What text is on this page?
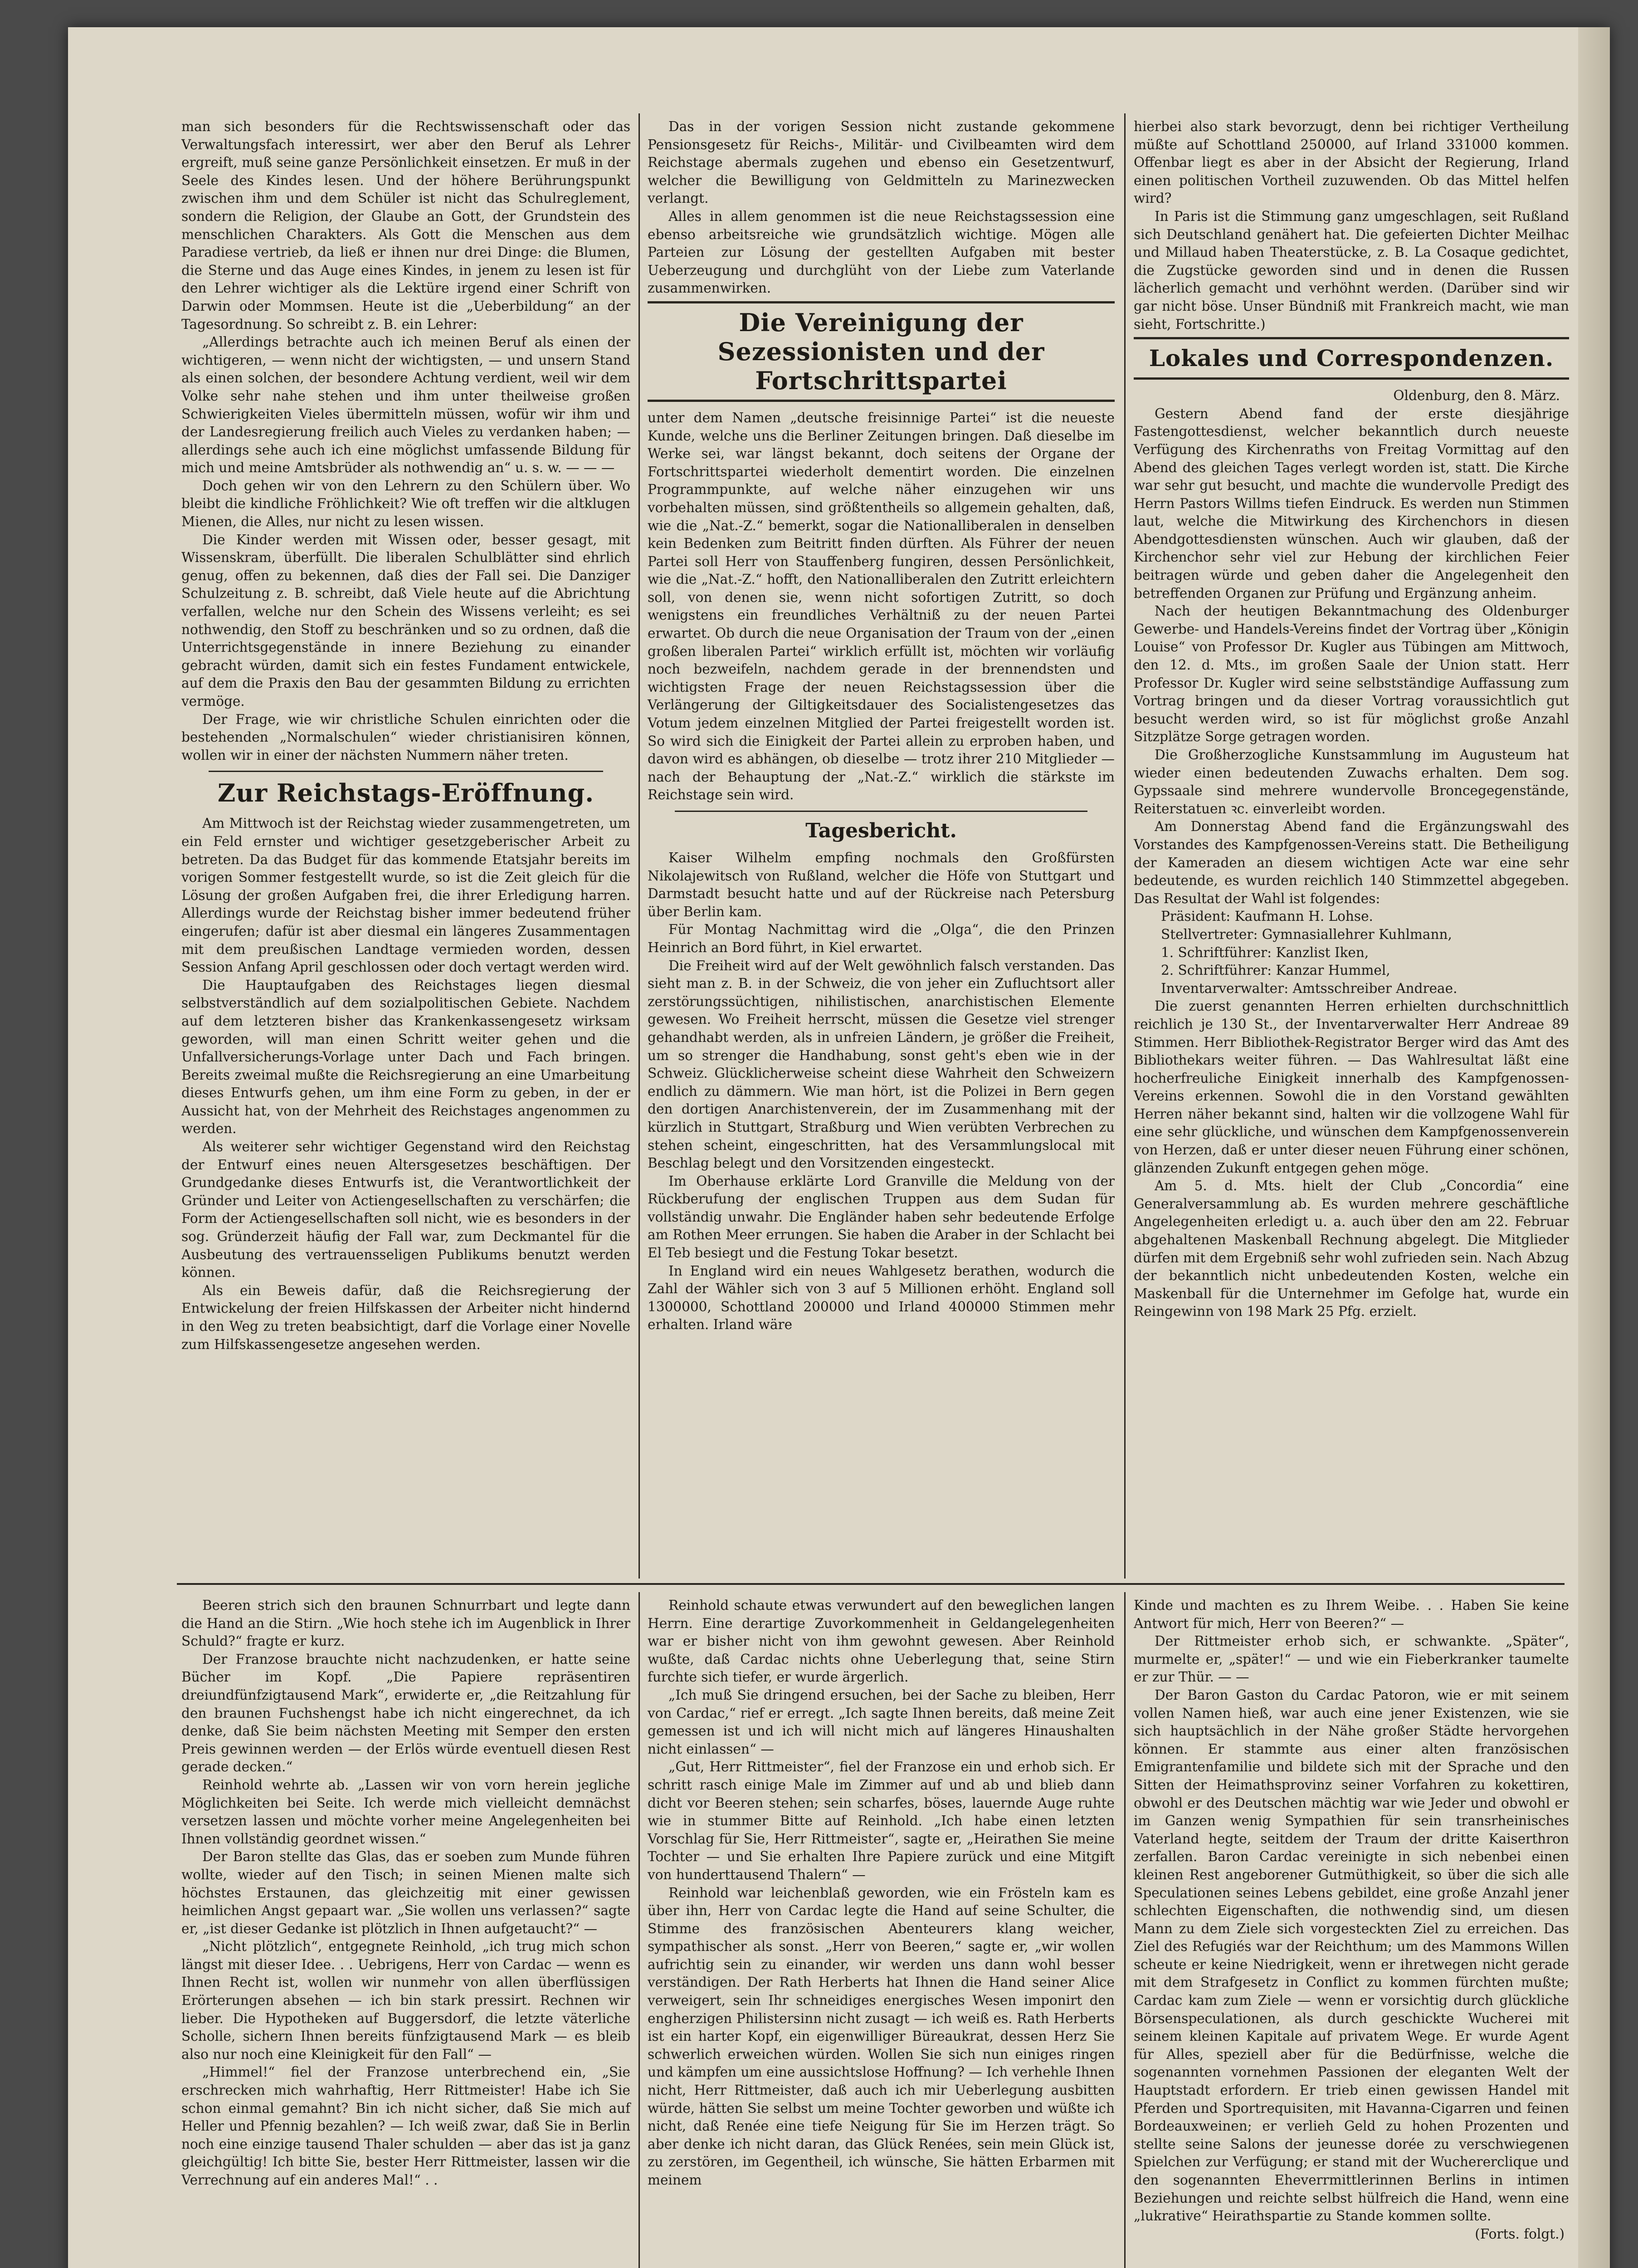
man sich besonders für die Rechtswissenschaft oder das Verwaltungsfach interessirt, wer aber den Beruf als Lehrer ergreift, muß seine ganze Persönlichkeit einsetzen. Er muß in der Seele des Kindes lesen. Und der höhere Berührungspunkt zwischen ihm und dem Schüler ist nicht das Schulreglement, sondern die Religion, der Glaube an Gott, der Grundstein des menschlichen Charakters. Als Gott die Menschen aus dem Paradiese vertrieb, da ließ er ihnen nur drei Dinge: die Blumen, die Sterne und das Auge eines Kindes, in jenem zu lesen ist für den Lehrer wichtiger als die Lektüre irgend einer Schrift von Darwin oder Mommsen. Heute ist die „Ueberbildung“ an der Tagesordnung. So schreibt z. B. ein Lehrer:

„Allerdings betrachte auch ich meinen Beruf als einen der wichtigeren, — wenn nicht der wichtigsten, — und unsern Stand als einen solchen, der besondere Achtung verdient, weil wir dem Volke sehr nahe stehen und ihm unter theilweise großen Schwierigkeiten Vieles übermitteln müssen, wofür wir ihm und der Landesregierung freilich auch Vieles zu verdanken haben; — allerdings sehe auch ich eine möglichst umfassende Bildung für mich und meine Amtsbrüder als nothwendig an“ u. s. w. — — —

Doch gehen wir von den Lehrern zu den Schülern über. Wo bleibt die kindliche Fröhlichkeit? Wie oft treffen wir die altklugen Mienen, die Alles, nur nicht zu lesen wissen.

Die Kinder werden mit Wissen oder, besser gesagt, mit Wissenskram, überfüllt. Die liberalen Schulblätter sind ehrlich genug, offen zu bekennen, daß dies der Fall sei. Die Danziger Schulzeitung z. B. schreibt, daß Viele heute auf die Abrichtung verfallen, welche nur den Schein des Wissens verleiht; es sei nothwendig, den Stoff zu beschränken und so zu ordnen, daß die Unterrichtsgegenstände in innere Beziehung zu einander gebracht würden, damit sich ein festes Fundament entwickele, auf dem die Praxis den Bau der gesammten Bildung zu errichten vermöge.

Der Frage, wie wir christliche Schulen einrichten oder die bestehenden „Normalschulen“ wieder christianisiren können, wollen wir in einer der nächsten Nummern näher treten.

Zur Reichstags-Eröffnung.

Am Mittwoch ist der Reichstag wieder zusammengetreten, um ein Feld ernster und wichtiger gesetzgeberischer Arbeit zu betreten. Da das Budget für das kommende Etatsjahr bereits im vorigen Sommer festgestellt wurde, so ist die Zeit gleich für die Lösung der großen Aufgaben frei, die ihrer Erledigung harren. Allerdings wurde der Reichstag bisher immer bedeutend früher eingerufen; dafür ist aber diesmal ein längeres Zusammentagen mit dem preußischen Landtage vermieden worden, dessen Session Anfang April geschlossen oder doch vertagt werden wird.

Die Hauptaufgaben des Reichstages liegen diesmal selbstverständlich auf dem sozialpolitischen Gebiete. Nachdem auf dem letzteren bisher das Krankenkassengesetz wirksam geworden, will man einen Schritt weiter gehen und die Unfallversicherungs-Vorlage unter Dach und Fach bringen. Bereits zweimal mußte die Reichsregierung an eine Umarbeitung dieses Entwurfs gehen, um ihm eine Form zu geben, in der er Aussicht hat, von der Mehrheit des Reichstages angenommen zu werden.

Als weiterer sehr wichtiger Gegenstand wird den Reichstag der Entwurf eines neuen Altersgesetzes beschäftigen. Der Grundgedanke dieses Entwurfs ist, die Verantwortlichkeit der Gründer und Leiter von Actiengesellschaften zu verschärfen; die Form der Actiengesellschaften soll nicht, wie es besonders in der sog. Gründerzeit häufig der Fall war, zum Deckmantel für die Ausbeutung des vertrauensseligen Publikums benutzt werden können.

Als ein Beweis dafür, daß die Reichsregierung der Entwickelung der freien Hilfskassen der Arbeiter nicht hindernd in den Weg zu treten beabsichtigt, darf die Vorlage einer Novelle zum Hilfskassengesetze angesehen werden.

Das in der vorigen Session nicht zustande gekommene Pensionsgesetz für Reichs-, Militär- und Civilbeamten wird dem Reichstage abermals zugehen und ebenso ein Gesetzentwurf, welcher die Bewilligung von Geldmitteln zu Marinezwecken verlangt.

Alles in allem genommen ist die neue Reichstagssession eine ebenso arbeitsreiche wie grundsätzlich wichtige. Mögen alle Parteien zur Lösung der gestellten Aufgaben mit bester Ueberzeugung und durchglüht von der Liebe zum Vaterlande zusammenwirken.

Die Vereinigung der Sezessionisten und der Fortschrittspartei

unter dem Namen „deutsche freisinnige Partei“ ist die neueste Kunde, welche uns die Berliner Zeitungen bringen. Daß dieselbe im Werke sei, war längst bekannt, doch seitens der Organe der Fortschrittspartei wiederholt dementirt worden. Die einzelnen Programmpunkte, auf welche näher einzugehen wir uns vorbehalten müssen, sind größtentheils so allgemein gehalten, daß, wie die „Nat.-Z.“ bemerkt, sogar die Nationalliberalen in denselben kein Bedenken zum Beitritt finden dürften. Als Führer der neuen Partei soll Herr von Stauffenberg fungiren, dessen Persönlichkeit, wie die „Nat.-Z.“ hofft, den Nationalliberalen den Zutritt erleichtern soll, von denen sie, wenn nicht sofortigen Zutritt, so doch wenigstens ein freundliches Verhältniß zu der neuen Partei erwartet. Ob durch die neue Organisation der Traum von der „einen großen liberalen Partei“ wirklich erfüllt ist, möchten wir vorläufig noch bezweifeln, nachdem gerade in der brennendsten und wichtigsten Frage der neuen Reichstagssession über die Verlängerung der Giltigkeitsdauer des Socialistengesetzes das Votum jedem einzelnen Mitglied der Partei freigestellt worden ist. So wird sich die Einigkeit der Partei allein zu erproben haben, und davon wird es abhängen, ob dieselbe — trotz ihrer 210 Mitglieder — nach der Behauptung der „Nat.-Z.“ wirklich die stärkste im Reichstage sein wird.

Tagesbericht.

Kaiser Wilhelm empfing nochmals den Großfürsten Nikolajewitsch von Rußland, welcher die Höfe von Stuttgart und Darmstadt besucht hatte und auf der Rückreise nach Petersburg über Berlin kam.

Für Montag Nachmittag wird die „Olga“, die den Prinzen Heinrich an Bord führt, in Kiel erwartet.

Die Freiheit wird auf der Welt gewöhnlich falsch verstanden. Das sieht man z. B. in der Schweiz, die von jeher ein Zufluchtsort aller zerstörungssüchtigen, nihilistischen, anarchistischen Elemente gewesen. Wo Freiheit herrscht, müssen die Gesetze viel strenger gehandhabt werden, als in unfreien Ländern, je größer die Freiheit, um so strenger die Handhabung, sonst geht's eben wie in der Schweiz. Glücklicherweise scheint diese Wahrheit den Schweizern endlich zu dämmern. Wie man hört, ist die Polizei in Bern gegen den dortigen Anarchistenverein, der im Zusammenhang mit der kürzlich in Stuttgart, Straßburg und Wien verübten Verbrechen zu stehen scheint, eingeschritten, hat des Versammlungslocal mit Beschlag belegt und den Vorsitzenden eingesteckt.

Im Oberhause erklärte Lord Granville die Meldung von der Rückberufung der englischen Truppen aus dem Sudan für vollständig unwahr. Die Engländer haben sehr bedeutende Erfolge am Rothen Meer errungen. Sie haben die Araber in der Schlacht bei El Teb besiegt und die Festung Tokar besetzt.

In England wird ein neues Wahlgesetz berathen, wodurch die Zahl der Wähler sich von 3 auf 5 Millionen erhöht. England soll 1300000, Schottland 200000 und Irland 400000 Stimmen mehr erhalten. Irland wäre

hierbei also stark bevorzugt, denn bei richtiger Vertheilung müßte auf Schottland 250000, auf Irland 331000 kommen. Offenbar liegt es aber in der Absicht der Regierung, Irland einen politischen Vortheil zuzuwenden. Ob das Mittel helfen wird?

In Paris ist die Stimmung ganz umgeschlagen, seit Rußland sich Deutschland genähert hat. Die gefeierten Dichter Meilhac und Millaud haben Theaterstücke, z. B. La Cosaque gedichtet, die Zugstücke geworden sind und in denen die Russen lächerlich gemacht und verhöhnt werden. (Darüber sind wir gar nicht böse. Unser Bündniß mit Frankreich macht, wie man sieht, Fortschritte.)

Lokales und Correspondenzen.
Oldenburg, den 8. März.

Gestern Abend fand der erste diesjährige Fastengottesdienst, welcher bekanntlich durch neueste Verfügung des Kirchenraths von Freitag Vormittag auf den Abend des gleichen Tages verlegt worden ist, statt. Die Kirche war sehr gut besucht, und machte die wundervolle Predigt des Herrn Pastors Willms tiefen Eindruck. Es werden nun Stimmen laut, welche die Mitwirkung des Kirchenchors in diesen Abendgottesdiensten wünschen. Auch wir glauben, daß der Kirchenchor sehr viel zur Hebung der kirchlichen Feier beitragen würde und geben daher die Angelegenheit den betreffenden Organen zur Prüfung und Ergänzung anheim.

Nach der heutigen Bekanntmachung des Oldenburger Gewerbe- und Handels-Vereins findet der Vortrag über „Königin Louise“ von Professor Dr. Kugler aus Tübingen am Mittwoch, den 12. d. Mts., im großen Saale der Union statt. Herr Professor Dr. Kugler wird seine selbstständige Auffassung zum Vortrag bringen und da dieser Vortrag voraussichtlich gut besucht werden wird, so ist für möglichst große Anzahl Sitzplätze Sorge getragen worden.

Die Großherzogliche Kunstsammlung im Augusteum hat wieder einen bedeutenden Zuwachs erhalten. Dem sog. Gypssaale sind mehrere wundervolle Broncegegenstände, Reiterstatuen ꝛc. einverleibt worden.

Am Donnerstag Abend fand die Ergänzungswahl des Vorstandes des Kampfgenossen-Vereins statt. Die Betheiligung der Kameraden an diesem wichtigen Acte war eine sehr bedeutende, es wurden reichlich 140 Stimmzettel abgegeben. Das Resultat der Wahl ist folgendes:

Präsident: Kaufmann H. Lohse.
Stellvertreter: Gymnasiallehrer Kuhlmann,
1. Schriftführer: Kanzlist Iken,
2. Schriftführer: Kanzar Hummel,
Inventarverwalter: Amtsschreiber Andreae.

Die zuerst genannten Herren erhielten durchschnittlich reichlich je 130 St., der Inventarverwalter Herr Andreae 89 Stimmen. Herr Bibliothek-Registrator Berger wird das Amt des Bibliothekars weiter führen. — Das Wahlresultat läßt eine hocherfreuliche Einigkeit innerhalb des Kampfgenossen-Vereins erkennen. Sowohl die in den Vorstand gewählten Herren näher bekannt sind, halten wir die vollzogene Wahl für eine sehr glückliche, und wünschen dem Kampfgenossenverein von Herzen, daß er unter dieser neuen Führung einer schönen, glänzenden Zukunft entgegen gehen möge.

Am 5. d. Mts. hielt der Club „Concordia“ eine Generalversammlung ab. Es wurden mehrere geschäftliche Angelegenheiten erledigt u. a. auch über den am 22. Februar abgehaltenen Maskenball Rechnung abgelegt. Die Mitglieder dürfen mit dem Ergebniß sehr wohl zufrieden sein. Nach Abzug der bekanntlich nicht unbedeutenden Kosten, welche ein Maskenball für die Unternehmer im Gefolge hat, wurde ein Reingewinn von 198 Mark 25 Pfg. erzielt.

Beeren strich sich den braunen Schnurrbart und legte dann die Hand an die Stirn. „Wie hoch stehe ich im Augenblick in Ihrer Schuld?“ fragte er kurz.

Der Franzose brauchte nicht nachzudenken, er hatte seine Bücher im Kopf. „Die Papiere repräsentiren dreiundfünfzigtausend Mark“, erwiderte er, „die Reitzahlung für den braunen Fuchshengst habe ich nicht eingerechnet, da ich denke, daß Sie beim nächsten Meeting mit Semper den ersten Preis gewinnen werden — der Erlös würde eventuell diesen Rest gerade decken.“

Reinhold wehrte ab. „Lassen wir von vorn herein jegliche Möglichkeiten bei Seite. Ich werde mich vielleicht demnächst versetzen lassen und möchte vorher meine Angelegenheiten bei Ihnen vollständig geordnet wissen.“

Der Baron stellte das Glas, das er soeben zum Munde führen wollte, wieder auf den Tisch; in seinen Mienen malte sich höchstes Erstaunen, das gleichzeitig mit einer gewissen heimlichen Angst gepaart war. „Sie wollen uns verlassen?“ sagte er, „ist dieser Gedanke ist plötzlich in Ihnen aufgetaucht?“ —

„Nicht plötzlich“, entgegnete Reinhold, „ich trug mich schon längst mit dieser Idee. . . Uebrigens, Herr von Cardac — wenn es Ihnen Recht ist, wollen wir nunmehr von allen überflüssigen Erörterungen absehen — ich bin stark pressirt. Rechnen wir lieber. Die Hypotheken auf Buggersdorf, die letzte väterliche Scholle, sichern Ihnen bereits fünfzigtausend Mark — es bleib also nur noch eine Kleinigkeit für den Fall“ —

„Himmel!“ fiel der Franzose unterbrechend ein, „Sie erschrecken mich wahrhaftig, Herr Rittmeister! Habe ich Sie schon einmal gemahnt? Bin ich nicht sicher, daß Sie mich auf Heller und Pfennig bezahlen? — Ich weiß zwar, daß Sie in Berlin noch eine einzige tausend Thaler schulden — aber das ist ja ganz gleichgültig! Ich bitte Sie, bester Herr Rittmeister, lassen wir die Verrechnung auf ein anderes Mal!“ . .

Reinhold schaute etwas verwundert auf den beweglichen langen Herrn. Eine derartige Zuvorkommenheit in Geldangelegenheiten war er bisher nicht von ihm gewohnt gewesen. Aber Reinhold wußte, daß Cardac nichts ohne Ueberlegung that, seine Stirn furchte sich tiefer, er wurde ärgerlich.

„Ich muß Sie dringend ersuchen, bei der Sache zu bleiben, Herr von Cardac,“ rief er erregt. „Ich sagte Ihnen bereits, daß meine Zeit gemessen ist und ich will nicht mich auf längeres Hinaushalten nicht einlassen“ —

„Gut, Herr Rittmeister“, fiel der Franzose ein und erhob sich. Er schritt rasch einige Male im Zimmer auf und ab und blieb dann dicht vor Beeren stehen; sein scharfes, böses, lauernde Auge ruhte wie in stummer Bitte auf Reinhold. „Ich habe einen letzten Vorschlag für Sie, Herr Rittmeister“, sagte er, „Heirathen Sie meine Tochter — und Sie erhalten Ihre Papiere zurück und eine Mitgift von hunderttausend Thalern“ —

Reinhold war leichenblaß geworden, wie ein Frösteln kam es über ihn, Herr von Cardac legte die Hand auf seine Schulter, die Stimme des französischen Abenteurers klang weicher, sympathischer als sonst. „Herr von Beeren,“ sagte er, „wir wollen aufrichtig sein zu einander, wir werden uns dann wohl besser verständigen. Der Rath Herberts hat Ihnen die Hand seiner Alice verweigert, sein Ihr schneidiges energisches Wesen imponirt den engherzigen Philistersinn nicht zusagt — ich weiß es. Rath Herberts ist ein harter Kopf, ein eigenwilliger Büreaukrat, dessen Herz Sie schwerlich erweichen würden. Wollen Sie sich nun einiges ringen und kämpfen um eine aussichtslose Hoffnung? — Ich verhehle Ihnen nicht, Herr Rittmeister, daß auch ich mir Ueberlegung ausbitten würde, hätten Sie selbst um meine Tochter geworben und wüßte ich nicht, daß Renée eine tiefe Neigung für Sie im Herzen trägt. So aber denke ich nicht daran, das Glück Renées, sein mein Glück ist, zu zerstören, im Gegentheil, ich wünsche, Sie hätten Erbarmen mit meinem

Kinde und machten es zu Ihrem Weibe. . . Haben Sie keine Antwort für mich, Herr von Beeren?“ —

Der Rittmeister erhob sich, er schwankte. „Später“, murmelte er, „später!“ — und wie ein Fieberkranker taumelte er zur Thür. — —

Der Baron Gaston du Cardac Patoron, wie er mit seinem vollen Namen hieß, war auch eine jener Existenzen, wie sie sich hauptsächlich in der Nähe großer Städte hervorgehen können. Er stammte aus einer alten französischen Emigrantenfamilie und bildete sich mit der Sprache und den Sitten der Heimathsprovinz seiner Vorfahren zu kokettiren, obwohl er des Deutschen mächtig war wie Jeder und obwohl er im Ganzen wenig Sympathien für sein transrheinisches Vaterland hegte, seitdem der Traum der dritte Kaiserthron zerfallen. Baron Cardac vereinigte in sich nebenbei einen kleinen Rest angeborener Gutmüthigkeit, so über die sich alle Speculationen seines Lebens gebildet, eine große Anzahl jener schlechten Eigenschaften, die nothwendig sind, um diesen Mann zu dem Ziele sich vorgesteckten Ziel zu erreichen. Das Ziel des Refugiés war der Reichthum; um des Mammons Willen scheute er keine Niedrigkeit, wenn er ihretwegen nicht gerade mit dem Strafgesetz in Conflict zu kommen fürchten mußte; Cardac kam zum Ziele — wenn er vorsichtig durch glückliche Börsenspeculationen, als durch geschickte Wucherei mit seinem kleinen Kapitale auf privatem Wege. Er wurde Agent für Alles, speziell aber für die Bedürfnisse, welche die sogenannten vornehmen Passionen der eleganten Welt der Hauptstadt erfordern. Er trieb einen gewissen Handel mit Pferden und Sportrequisiten, mit Havanna-Cigarren und feinen Bordeauxweinen; er verlieh Geld zu hohen Prozenten und stellte seine Salons der jeunesse dorée zu verschwiegenen Spielchen zur Verfügung; er stand mit der Wuchererclique und den sogenannten Eheverrmittlerinnen Berlins in intimen Beziehungen und reichte selbst hülfreich die Hand, wenn eine „lukrative“ Heirathspartie zu Stande kommen sollte.

(Forts. folgt.)
